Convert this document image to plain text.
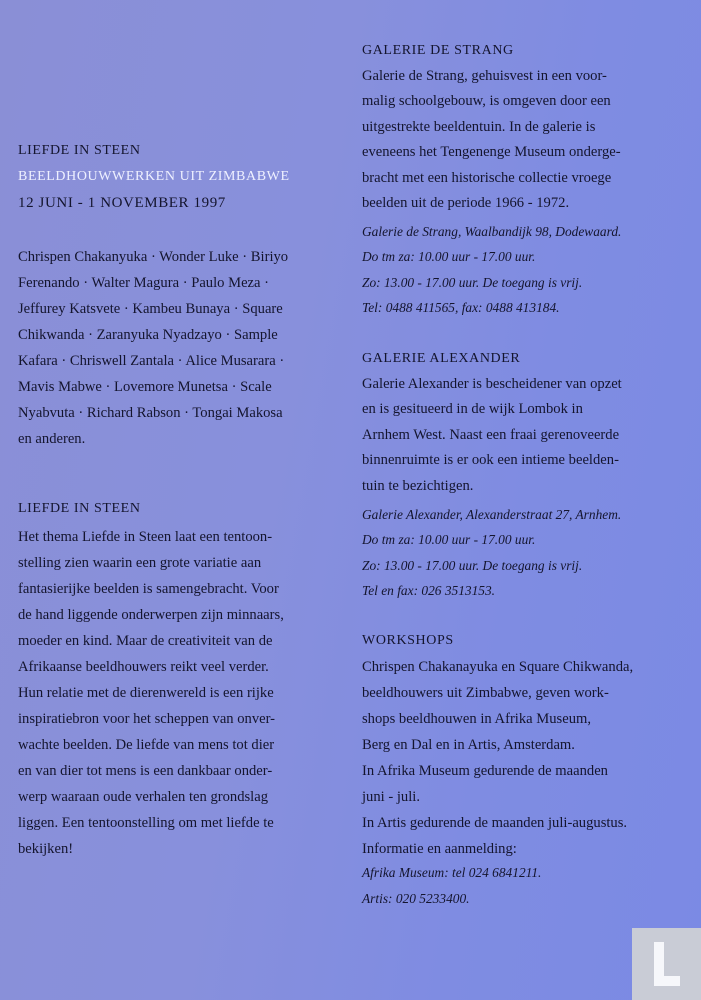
LIEFDE IN STEEN
BEELDHOUWWERKEN UIT ZIMBABWE
12 JUNI - 1 NOVEMBER 1997
Chrispen Chakanyuka · Wonder Luke · Biriyo
Ferenando · Walter Magura · Paulo Meza ·
Jeffurey Katsvete · Kambeu Bunaya · Square
Chikwanda · Zaranyuka Nyadzayo · Sample
Kafara · Chriswell Zantala · Alice Musarara ·
Mavis Mabwe · Lovemore Munetsa · Scale
Nyabvuta · Richard Rabson · Tongai Makosa
en anderen.
LIEFDE IN STEEN
Het thema Liefde in Steen laat een tentoon-
stelling zien waarin een grote variatie aan
fantasierijke beelden is samengebracht. Voor
de hand liggende onderwerpen zijn minnaars,
moeder en kind. Maar de creativiteit van de
Afrikaanse beeldhouwers reikt veel verder.
Hun relatie met de dierenwereld is een rijke
inspiratiebron voor het scheppen van onver-
wachte beelden. De liefde van mens tot dier
en van dier tot mens is een dankbaar onder-
werp waaraan oude verhalen ten grondslag
liggen. Een tentoonstelling om met liefde te
bekijken!
GALERIE DE STRANG
Galerie de Strang, gehuisvest in een voor-
malig schoolgebouw, is omgeven door een
uitgestrekte beeldentuin. In de galerie is
eveneens het Tengenenge Museum onderge-
bracht met een historische collectie vroege
beelden uit de periode 1966 - 1972.
Galerie de Strang, Waalbandijk 98, Dodewaard.
Do tm za: 10.00 uur - 17.00 uur.
Zo: 13.00 - 17.00 uur. De toegang is vrij.
Tel: 0488 411565, fax: 0488 413184.
GALERIE ALEXANDER
Galerie Alexander is bescheidener van opzet
en is gesitueerd in de wijk Lombok in
Arnhem West. Naast een fraai gerenoveerde
binnenruimte is er ook een intieme beelden-
tuin te bezichtigen.
Galerie Alexander, Alexanderstraat 27, Arnhem.
Do tm za: 10.00 uur - 17.00 uur.
Zo: 13.00 - 17.00 uur. De toegang is vrij.
Tel en fax: 026 3513153.
WORKSHOPS
Chrispen Chakanayuka en Square Chikwanda,
beeldhouwers uit Zimbabwe, geven work-
shops beeldhouwen in Afrika Museum,
Berg en Dal en in Artis, Amsterdam.
In Afrika Museum gedurende de maanden
juni - juli.
In Artis gedurende de maanden juli-augustus.
Informatie en aanmelding:
Afrika Museum: tel 024 6841211.
Artis: 020 5233400.
